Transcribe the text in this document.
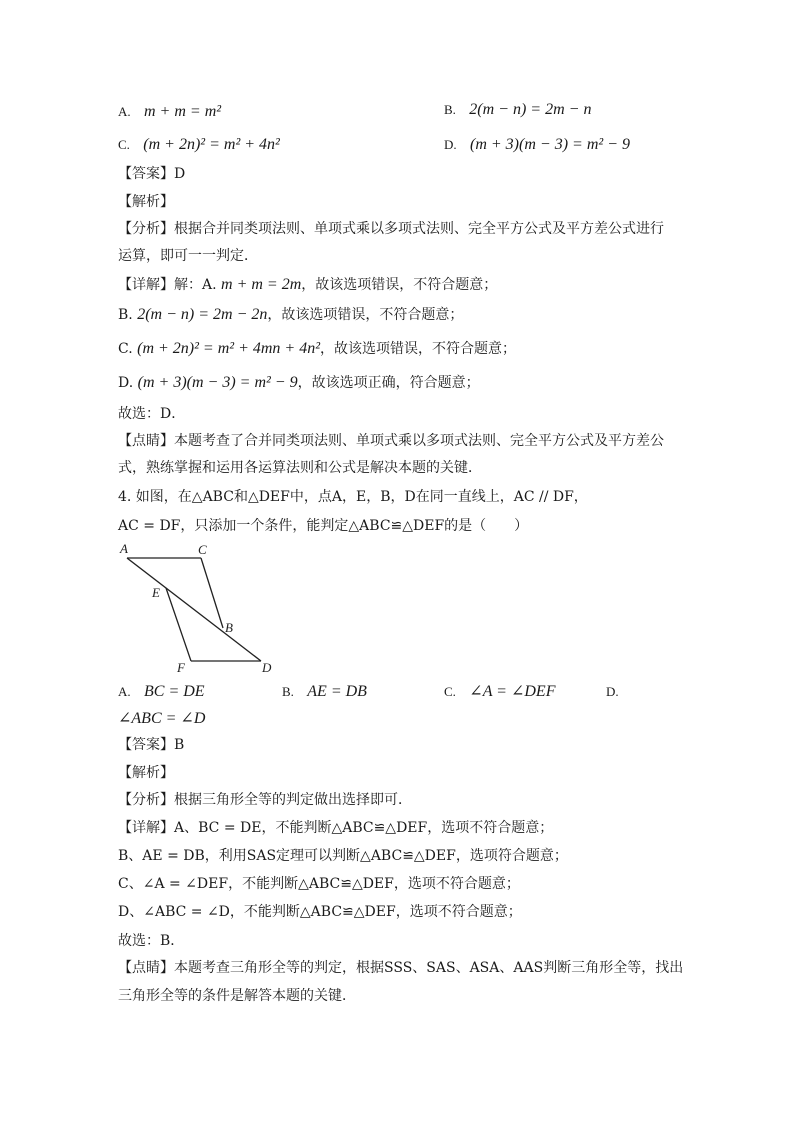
A. m + m = m²	B. 2(m − n) = 2m − n
C. (m + 2n)² = m² + 4n²	D. (m + 3)(m − 3) = m² − 9
【答案】D
【解析】
【分析】根据合并同类项法则、单项式乘以多项式法则、完全平方公式及平方差公式进行
运算，即可一一判定．
【详解】解：A. m + m = 2m，故该选项错误，不符合题意；
B. 2(m − n) = 2m − 2n，故该选项错误，不符合题意；
C. (m + 2n)² = m² + 4mn + 4n²，故该选项错误，不符合题意；
D. (m + 3)(m − 3) = m² − 9，故该选项正确，符合题意；
故选：D．
【点睛】本题考查了合并同类项法则、单项式乘以多项式法则、完全平方公式及平方差公
式，熟练掌握和运用各运算法则和公式是解决本题的关键．
4. 如图，在△ABC和△DEF中，点A，E，B，D在同一直线上，AC // DF，
AC = DF，只添加一个条件，能判定△ABC≌△DEF的是（　　）
A	C
E
B
F	D
A. BC = DE	B. AE = DB	C. ∠A = ∠DEF	D.
∠ABC = ∠D
【答案】B
【解析】
【分析】根据三角形全等的判定做出选择即可．
【详解】A、BC = DE，不能判断△ABC≌△DEF，选项不符合题意；
B、AE = DB，利用SAS定理可以判断△ABC≌△DEF，选项符合题意；
C、∠A = ∠DEF，不能判断△ABC≌△DEF，选项不符合题意；
D、∠ABC = ∠D，不能判断△ABC≌△DEF，选项不符合题意；
故选：B．
【点睛】本题考查三角形全等的判定，根据SSS、SAS、ASA、AAS判断三角形全等，找出
三角形全等的条件是解答本题的关键．
